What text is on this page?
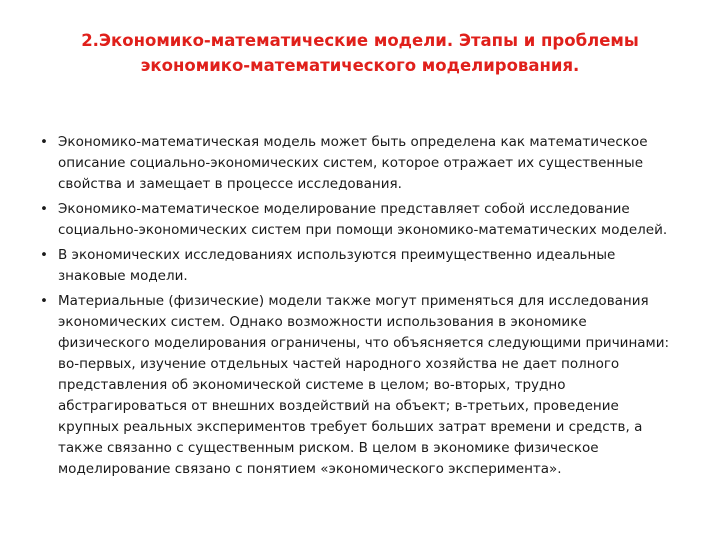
2.Экономико-математические модели. Этапы и проблемы
экономико-математического моделирования.
• Экономико-математическая модель может быть определена как математическое
описание социально-экономических систем, которое отражает их существенные
свойства и замещает в процессе исследования.
• Экономико-математическое моделирование представляет собой исследование
социально-экономических систем при помощи экономико-математических моделей.
• В экономических исследованиях используются преимущественно идеальные
знаковые модели.
• Материальные (физические) модели также могут применяться для исследования
экономических систем. Однако возможности использования в экономике
физического моделирования ограничены, что объясняется следующими причинами:
во-первых, изучение отдельных частей народного хозяйства не дает полного
представления об экономической системе в целом; во-вторых, трудно
абстрагироваться от внешних воздействий на объект; в-третьих, проведение
крупных реальных экспериментов требует больших затрат времени и средств, а
также связанно с существенным риском. В целом в экономике физическое
моделирование связано с понятием «экономического эксперимента».
